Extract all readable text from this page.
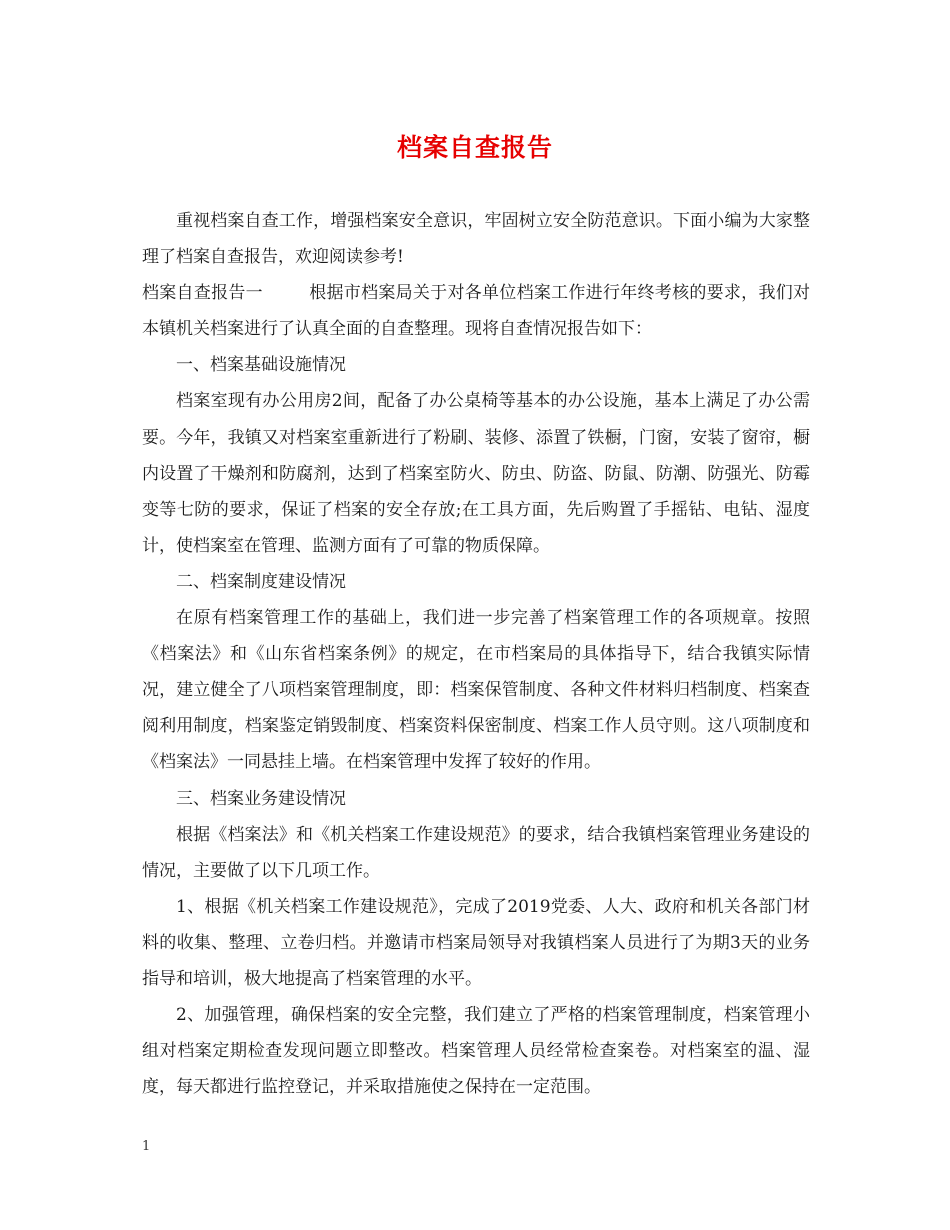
档案自查报告

重视档案自查工作，增强档案安全意识，牢固树立安全防范意识。下面小编为大家整理了档案自查报告，欢迎阅读参考!

档案自查报告一	根据市档案局关于对各单位档案工作进行年终考核的要求，我们对本镇机关档案进行了认真全面的自查整理。现将自查情况报告如下：

一、档案基础设施情况

档案室现有办公用房2间，配备了办公桌椅等基本的办公设施，基本上满足了办公需要。今年，我镇又对档案室重新进行了粉刷、装修、添置了铁橱，门窗，安装了窗帘，橱内设置了干燥剂和防腐剂，达到了档案室防火、防虫、防盗、防鼠、防潮、防强光、防霉变等七防的要求，保证了档案的安全存放;在工具方面，先后购置了手摇钻、电钻、湿度计，使档案室在管理、监测方面有了可靠的物质保障。

二、档案制度建设情况

在原有档案管理工作的基础上，我们进一步完善了档案管理工作的各项规章。按照《档案法》和《山东省档案条例》的规定，在市档案局的具体指导下，结合我镇实际情况，建立健全了八项档案管理制度，即：档案保管制度、各种文件材料归档制度、档案查阅利用制度，档案鉴定销毁制度、档案资料保密制度、档案工作人员守则。这八项制度和《档案法》一同悬挂上墙。在档案管理中发挥了较好的作用。

三、档案业务建设情况

根据《档案法》和《机关档案工作建设规范》的要求，结合我镇档案管理业务建设的情况，主要做了以下几项工作。

1、根据《机关档案工作建设规范》，完成了2019党委、人大、政府和机关各部门材料的收集、整理、立卷归档。并邀请市档案局领导对我镇档案人员进行了为期3天的业务指导和培训，极大地提高了档案管理的水平。

2、加强管理，确保档案的安全完整，我们建立了严格的档案管理制度，档案管理小组对档案定期检查发现问题立即整改。档案管理人员经常检查案卷。对档案室的温、湿度，每天都进行监控登记，并采取措施使之保持在一定范围。

1
